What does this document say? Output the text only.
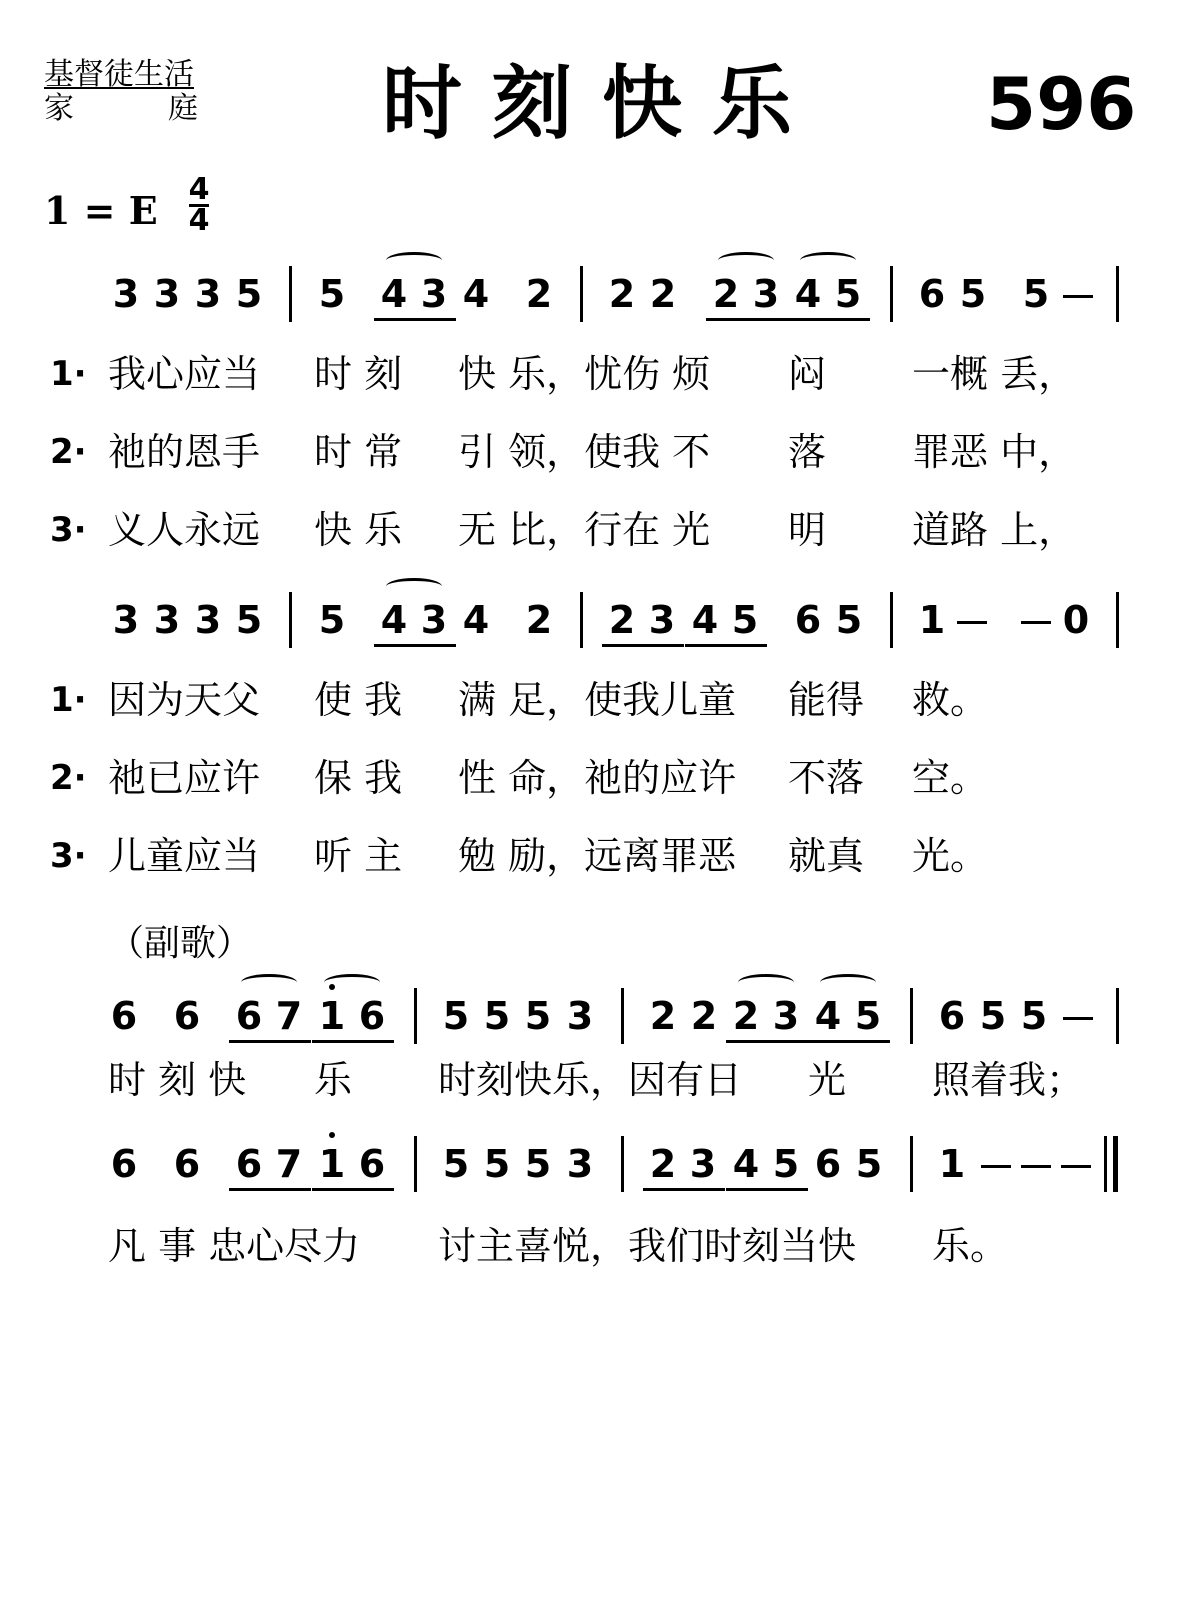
基督徒生活
家	庭 时刻快乐 596
1 = E 4
4
3 3 3 5 5 4 3 4 2 2 2 2 3 4 5 6 5 5
1· 我心应当 时 刻 快 乐，忧伤 烦 闷 一概 丢，
2· 祂的恩手 时 常 引 领，使我 不 落 罪恶 中，
3· 义人永远 快 乐 无 比，行在 光 明 道路 上，
3 3 3 5 5 4 3 4 2 2 3 4 5 6 5 1	0
1· 因为天父 使 我 满 足，使我儿童 能得 救。
2· 祂已应许 保 我 性 命，祂的应许 不落 空。
3· 儿童应当 听 主 勉 励，远离罪恶 就真 光。
（副歌）
6 6 6 7 1 6 5 5 5 3 2 2 2 3 4 5 6 5 5
时 刻 快 乐 时刻快乐，因有日 光 照着我；
6 6 6 7 1 6 5 5 5 3 2 3 4 5 6 5 1
凡 事 忠心尽力 讨主喜悦，我们时刻当快 乐。
